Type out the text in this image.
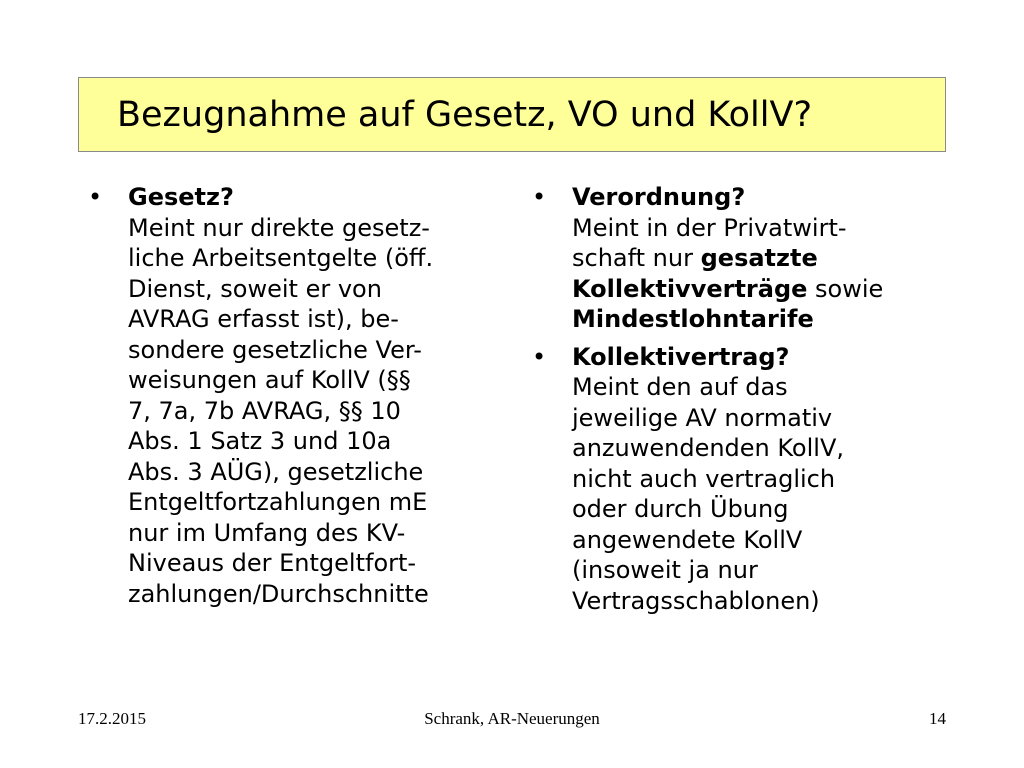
Bezugnahme auf Gesetz, VO und KollV?
•	Gesetz?
Meint nur direkte gesetz-
liche Arbeitsentgelte (öff.
Dienst, soweit er von
AVRAG erfasst ist), be-
sondere gesetzliche Ver-
weisungen auf KollV (§§
7, 7a, 7b AVRAG, §§ 10
Abs. 1 Satz 3 und 10a
Abs. 3 AÜG), gesetzliche
Entgeltfortzahlungen mE
nur im Umfang des KV-
Niveaus der Entgeltfort-
zahlungen/Durchschnitte
•	Verordnung?
Meint in der Privatwirt-
schaft nur gesatzte
Kollektivverträge sowie
Mindestlohntarife
•	Kollektivertrag?
Meint den auf das
jeweilige AV normativ
anzuwendenden KollV,
nicht auch vertraglich
oder durch Übung
angewendete KollV
(insoweit ja nur
Vertragsschablonen)
17.2.2015	Schrank, AR-Neuerungen	14
